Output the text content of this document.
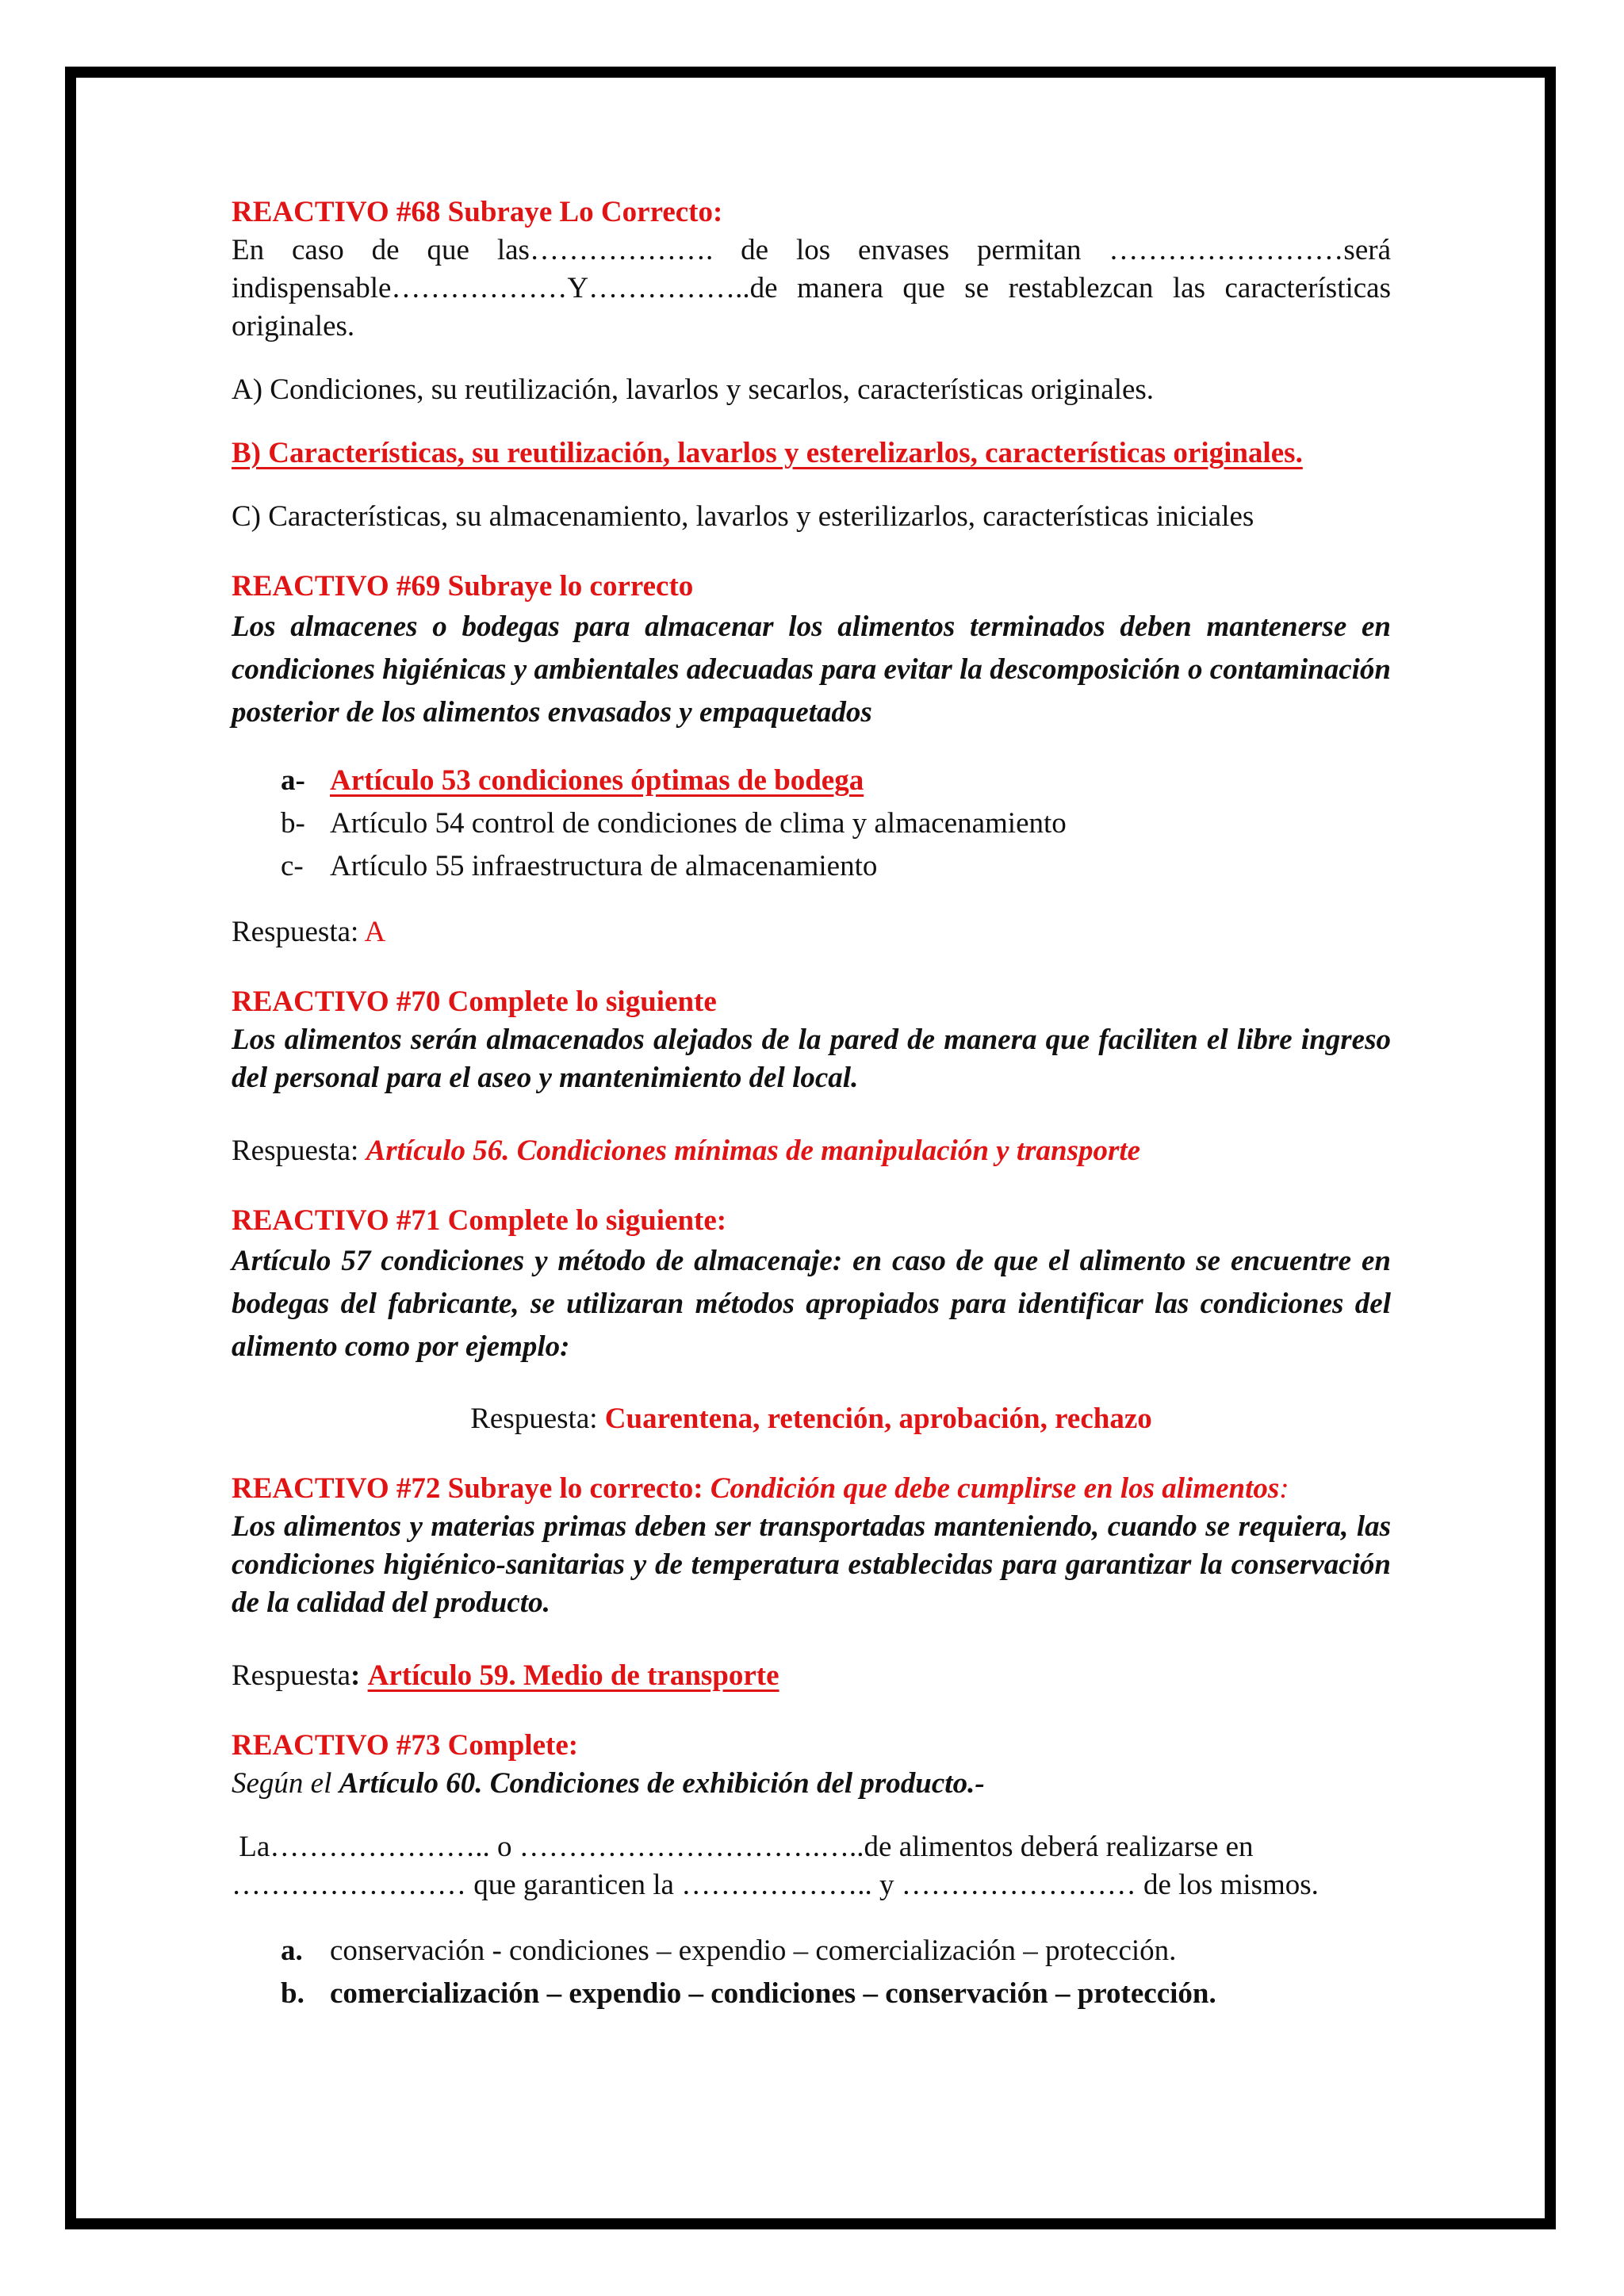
REACTIVO #68 Subraye Lo Correcto:

En caso de que las………………. de los envases permitan ……………………será indispensable………………Y……………..de manera que se restablezcan las características originales.

A) Condiciones, su reutilización, lavarlos y secarlos, características originales.

B) Características, su reutilización, lavarlos y esterelizarlos, características originales.

C) Características, su almacenamiento, lavarlos y esterilizarlos, características iniciales

REACTIVO #69 Subraye lo correcto

Los almacenes o bodegas para almacenar los alimentos terminados deben mantenerse en condiciones higiénicas y ambientales adecuadas para evitar la descomposición o contaminación posterior de los alimentos envasados y empaquetados

a- Artículo 53 condiciones óptimas de bodega
b- Artículo 54 control de condiciones de clima y almacenamiento
c- Artículo 55 infraestructura de almacenamiento

Respuesta: A

REACTIVO #70 Complete lo siguiente

Los alimentos serán almacenados alejados de la pared de manera que faciliten el libre ingreso del personal para el aseo y mantenimiento del local.

Respuesta: Artículo 56. Condiciones mínimas de manipulación y transporte

REACTIVO #71 Complete lo siguiente:

Artículo 57 condiciones y método de almacenaje: en caso de que el alimento se encuentre en bodegas del fabricante, se utilizaran métodos apropiados para identificar las condiciones del alimento como por ejemplo:

Respuesta: Cuarentena, retención, aprobación, rechazo

REACTIVO #72 Subraye lo correcto: Condición que debe cumplirse en los alimentos:

Los alimentos y materias primas deben ser transportadas manteniendo, cuando se requiera, las condiciones higiénico-sanitarias y de temperatura establecidas para garantizar la conservación de la calidad del producto.

Respuesta: Artículo 59. Medio de transporte

REACTIVO #73 Complete:

Según el Artículo 60. Condiciones de exhibición del producto.-

La………………….. o ………………………….…..de alimentos deberá realizarse en

…………………… que garanticen la ……………….. y …………………… de los mismos.

a. conservación - condiciones – expendio – comercialización – protección.
b. comercialización – expendio – condiciones – conservación – protección.
